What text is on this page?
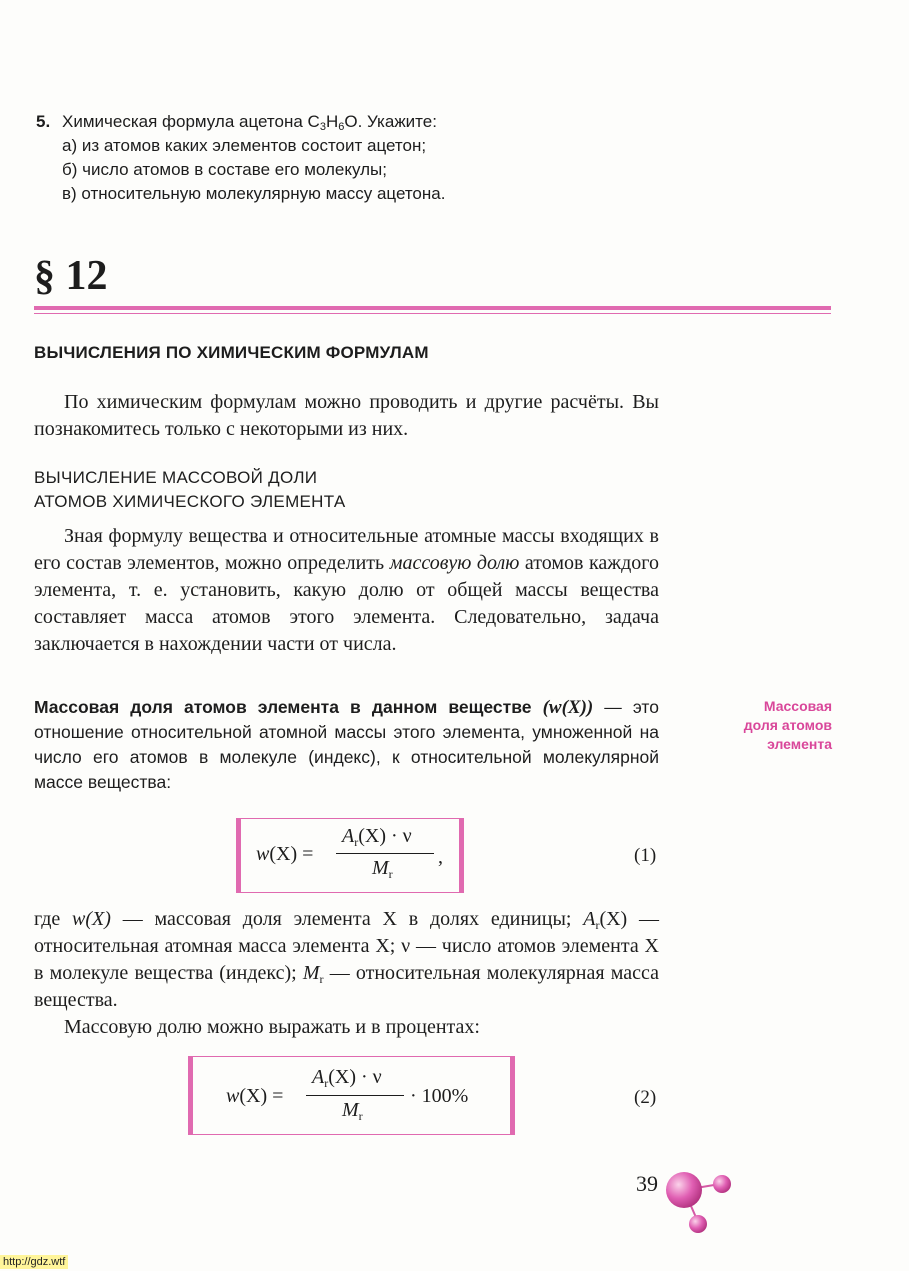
5. Химическая формула ацетона $C_3H_6O$. Укажите:
а) из атомов каких элементов состоит ацетон;
б) число атомов в составе его молекулы;
в) относительную молекулярную массу ацетона.
§ 12
ВЫЧИСЛЕНИЯ ПО ХИМИЧЕСКИМ ФОРМУЛАМ
По химическим формулам можно проводить и другие расчёты. Вы познакомитесь только с некоторыми из них.
ВЫЧИСЛЕНИЕ МАССОВОЙ ДОЛИ
АТОМОВ ХИМИЧЕСКОГО ЭЛЕМЕНТА
Зная формулу вещества и относительные атомные массы входящих в его состав элементов, можно определить массовую долю атомов каждого элемента, т. е. установить, какую долю от общей массы вещества составляет масса атомов этого элемента. Следовательно, задача заключается в нахождении части от числа.
Массовая доля атомов элемента в данном веществе (w(X)) — это отношение относительной атомной массы этого элемента, умноженной на число его атомов в молекуле (индекс), к относительной молекулярной массе вещества:
Массовая
доля атомов
элемента
w(X) =
$A_r(X) \cdot \nu$
$M_r$
,	(1)
где w(X) — массовая доля элемента X в долях единицы; $A_r(X)$ — относительная атомная масса элемента X; ν — число атомов элемента X в молекуле вещества (индекс); $M_r$ — относительная молекулярная масса вещества.
Массовую долю можно выражать и в процентах:
w(X) =
$A_r(X) \cdot \nu$
$M_r$
· 100%	(2)
39
http://gdz.wtf
